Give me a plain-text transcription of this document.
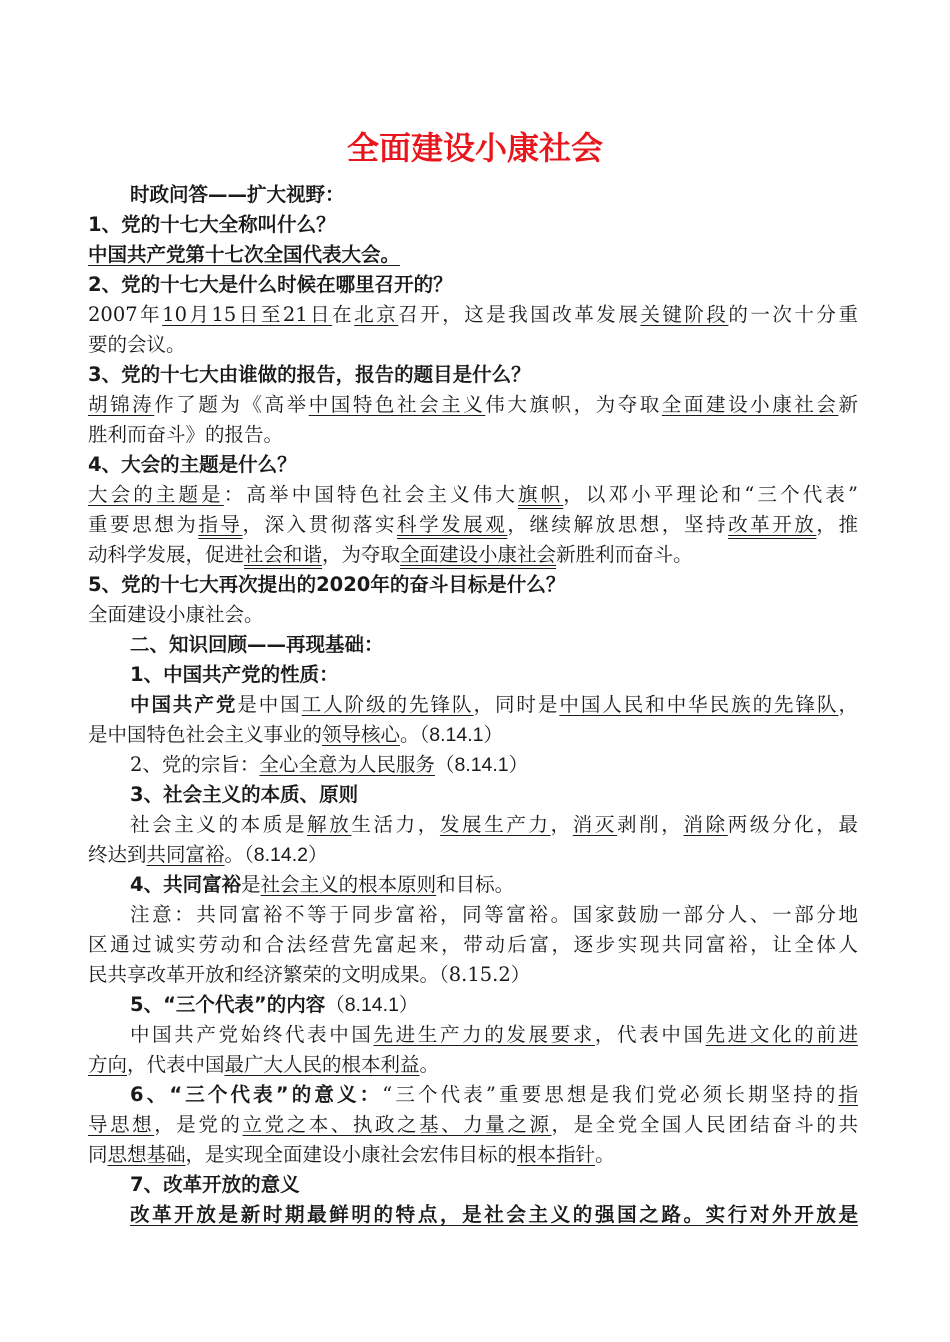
全面建设小康社会
时政问答——扩大视野：
1、党的十七大全称叫什么？
中国共产党第十七次全国代表大会。
2、党的十七大是什么时候在哪里召开的？
2007年10月15日至21日在北京召开，这是我国改革发展关键阶段的一次十分重
要的会议。
3、党的十七大由谁做的报告，报告的题目是什么？
胡锦涛作了题为《高举中国特色社会主义伟大旗帜，为夺取全面建设小康社会新
胜利而奋斗》的报告。
4、大会的主题是什么？
大会的主题是：高举中国特色社会主义伟大旗帜，以邓小平理论和“三个代表”
重要思想为指导，深入贯彻落实科学发展观，继续解放思想，坚持改革开放，推
动科学发展，促进社会和谐，为夺取全面建设小康社会新胜利而奋斗。
5、党的十七大再次提出的2020年的奋斗目标是什么？
全面建设小康社会。
二、知识回顾——再现基础：
1、中国共产党的性质：
中国共产党是中国工人阶级的先锋队，同时是中国人民和中华民族的先锋队，
是中国特色社会主义事业的领导核心。（8.14.1）
2、党的宗旨：全心全意为人民服务（8.14.1）
3、社会主义的本质、原则
社会主义的本质是解放生活力，发展生产力，消灭剥削，消除两级分化，最
终达到共同富裕。（8.14.2）
4、共同富裕是社会主义的根本原则和目标。
注意：共同富裕不等于同步富裕，同等富裕。国家鼓励一部分人、一部分地
区通过诚实劳动和合法经营先富起来，带动后富，逐步实现共同富裕，让全体人
民共享改革开放和经济繁荣的文明成果。（8.15.2）
5、“三个代表”的内容（8.14.1）
中国共产党始终代表中国先进生产力的发展要求，代表中国先进文化的前进
方向，代表中国最广大人民的根本利益。
6、“三个代表”的意义：“三个代表”重要思想是我们党必须长期坚持的指
导思想，是党的立党之本、执政之基、力量之源，是全党全国人民团结奋斗的共
同思想基础，是实现全面建设小康社会宏伟目标的根本指针。
7、改革开放的意义
改革开放是新时期最鲜明的特点，是社会主义的强国之路。实行对外开放是
